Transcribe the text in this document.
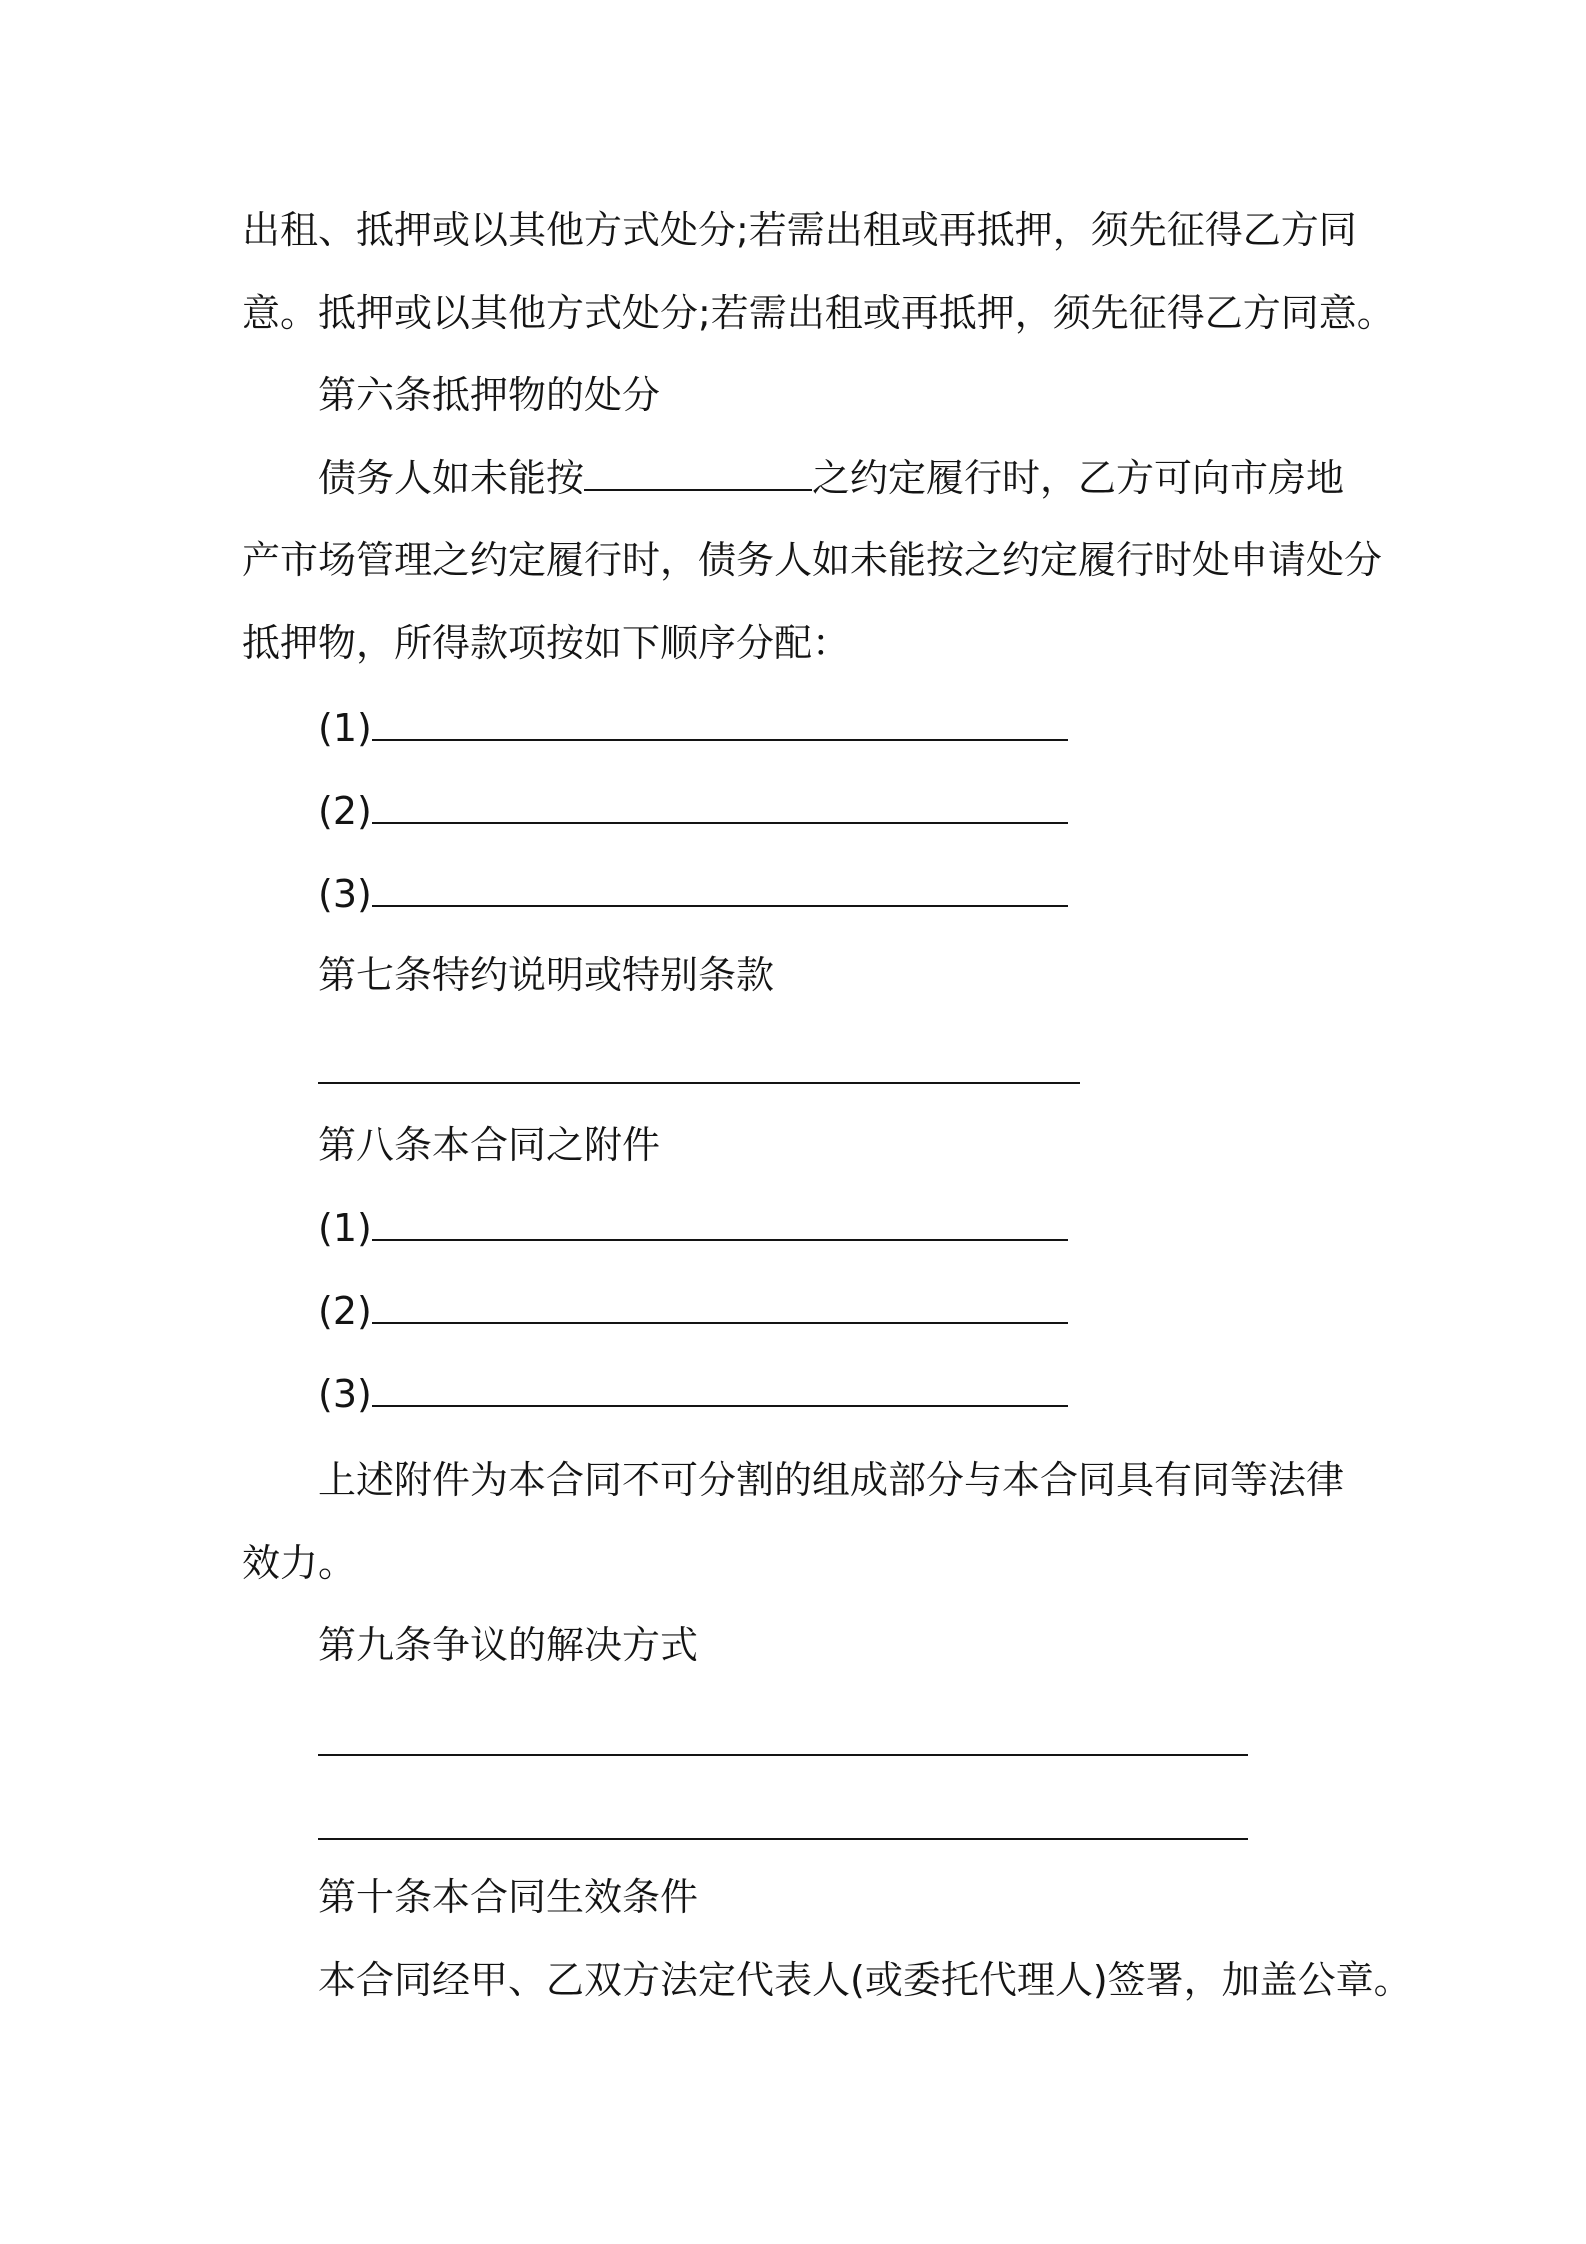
出租、抵押或以其他方式处分;若需出租或再抵押，须先征得乙方同
意。抵押或以其他方式处分;若需出租或再抵押，须先征得乙方同意。
第六条抵押物的处分
债务人如未能按	之约定履行时，乙方可向市房地
产市场管理之约定履行时，债务人如未能按之约定履行时处申请处分
抵押物，所得款项按如下顺序分配：
(1)
(2)
(3)
第七条特约说明或特别条款
第八条本合同之附件
(1)
(2)
(3)
上述附件为本合同不可分割的组成部分与本合同具有同等法律
效力。
第九条争议的解决方式
第十条本合同生效条件
本合同经甲、乙双方法定代表人(或委托代理人)签署，加盖公章。
